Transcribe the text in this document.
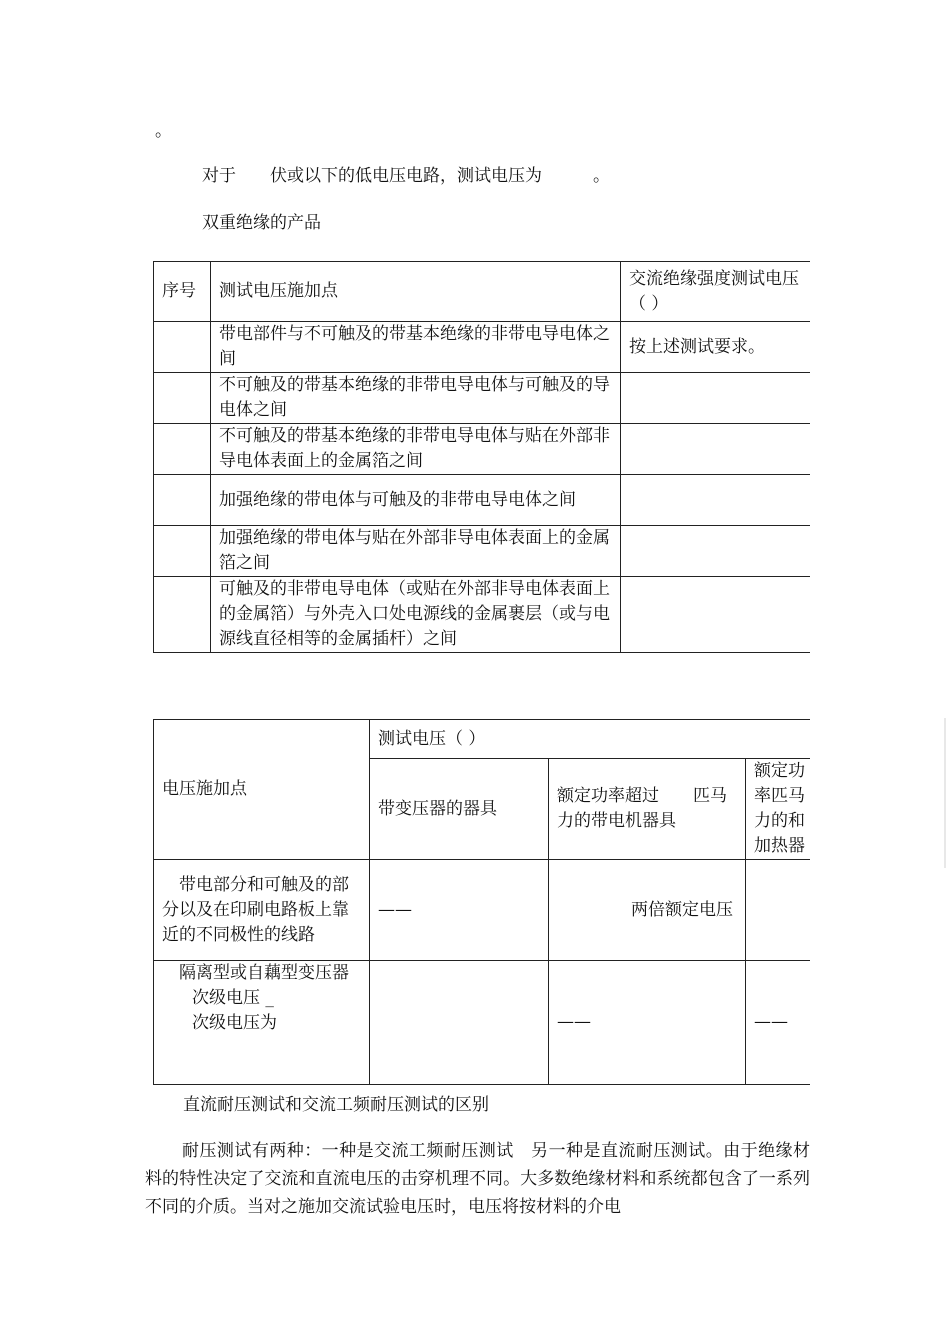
。
对于　　伏或以下的低电压电路，测试电压为　　　。
双重绝缘的产品
序号	测试电压施加点	交流绝缘强度测试电压（ ）
	带电部件与不可触及的带基本绝缘的非带电导电体之间	按上述测试要求。
	不可触及的带基本绝缘的非带电导电体与可触及的导电体之间	
	不可触及的带基本绝缘的非带电导电体与贴在外部非导电体表面上的金属箔之间	
	加强绝缘的带电体与可触及的非带电导电体之间	
	加强绝缘的带电体与贴在外部非导电体表面上的金属箔之间	
	可触及的非带电导电体（或贴在外部非导电体表面上的金属箔）与外壳入口处电源线的金属裹层（或与电源线直径相等的金属插杆）之间	
电压施加点	测试电压（ ）		
	带变压器的器具	额定功率超过　　匹马力的带电机器具	额定功率匹马力的和加热器
带电部分和可触及的部分以及在印刷电路板上靠近的不同极性的线路	——	两倍额定电压	

隔离型或自藕型变压器
次级电压 _
次级电压为		——	——
直流耐压测试和交流工频耐压测试的区别
耐压测试有两种：一种是交流工频耐压测试　另一种是直流耐压测试。由于绝缘材料的特性决定了交流和直流电压的击穿机理不同。大多数绝缘材料和系统都包含了一系列不同的介质。当对之施加交流试验电压时，电压将按材料的介电
